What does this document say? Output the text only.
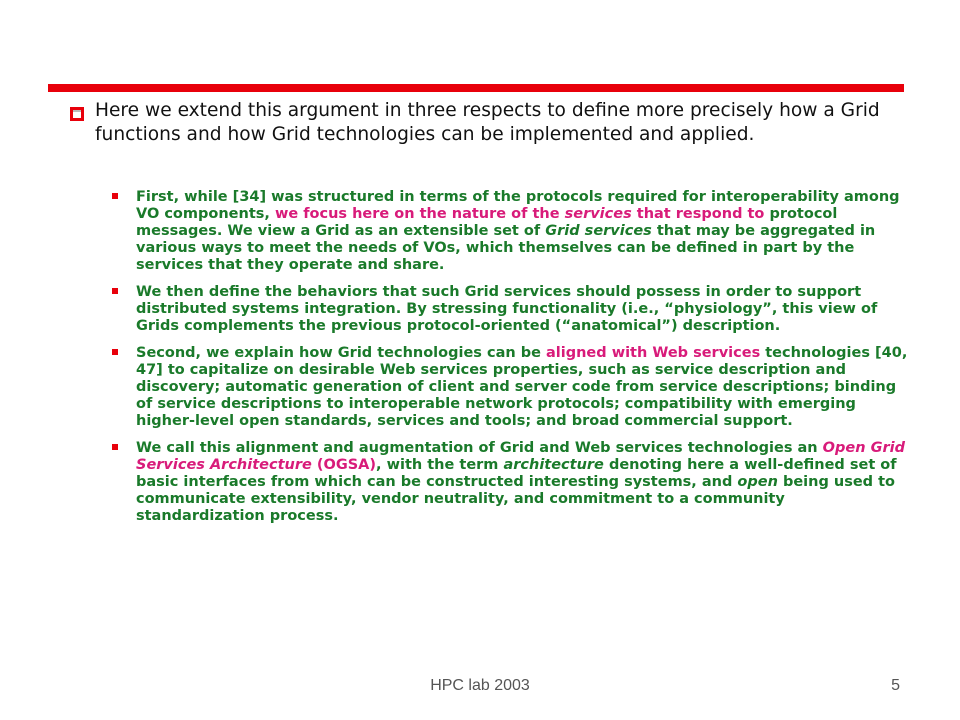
Here we extend this argument in three respects to define more precisely how a Grid functions and how Grid technologies can be implemented and applied.

First, while [34] was structured in terms of the protocols required for interoperability among VO components, we focus here on the nature of the services that respond to protocol messages. We view a Grid as an extensible set of Grid services that may be aggregated in various ways to meet the needs of VOs, which themselves can be defined in part by the services that they operate and share.
We then define the behaviors that such Grid services should possess in order to support distributed systems integration. By stressing functionality (i.e., “physiology”, this view of Grids complements the previous protocol-oriented (“anatomical”) description.
Second, we explain how Grid technologies can be aligned with Web services technologies [40, 47] to capitalize on desirable Web services properties, such as service description and discovery; automatic generation of client and server code from service descriptions; binding of service descriptions to interoperable network protocols; compatibility with emerging higher-level open standards, services and tools; and broad commercial support.
We call this alignment and augmentation of Grid and Web services technologies an Open Grid Services Architecture (OGSA), with the term architecture denoting here a well-defined set of basic interfaces from which can be constructed interesting systems, and open being used to communicate extensibility, vendor neutrality, and commitment to a community standardization process.
HPC lab 2003	5
